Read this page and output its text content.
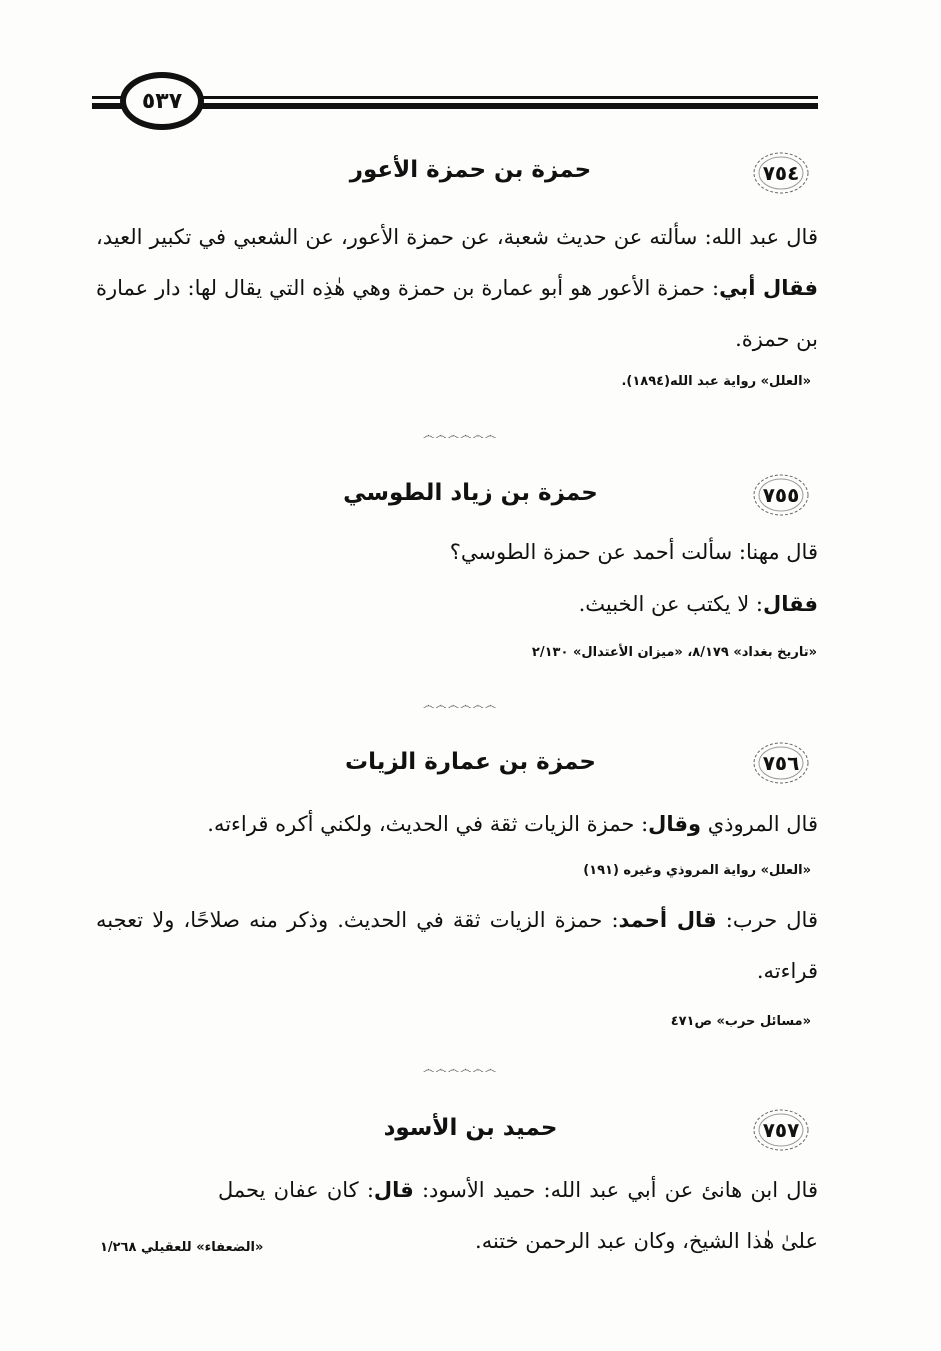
٥٣٧
٧٥٤
حمزة بن حمزة الأعور
قال عبد الله: سألته عن حديث شعبة، عن حمزة الأعور، عن الشعبي في تكبير العيد، فقال أبي: حمزة الأعور هو أبو عمارة بن حمزة وهي هٰذِه التي يقال لها: دار عمارة بن حمزة.
«العلل» رواية عبد الله(١٨٩٤).
෴෴෴෴෴෴
٧٥٥
حمزة بن زياد الطوسي
قال مهنا: سألت أحمد عن حمزة الطوسي؟
فقال: لا يكتب عن الخبيث.
«تاريخ بغداد» ٨/١٧٩، «ميزان الأعتدال» ٢/١٣٠
෴෴෴෴෴෴
٧٥٦
حمزة بن عمارة الزيات
قال المروذي وقال: حمزة الزيات ثقة في الحديث، ولكني أكره قراءته.
«العلل» رواية المروذي وغيره (١٩١)
قال حرب: قال أحمد: حمزة الزيات ثقة في الحديث. وذكر منه صلاحًا، ولا تعجبه قراءته.
«مسائل حرب» ص٤٧١
෴෴෴෴෴෴
٧٥٧
حميد بن الأسود
قال ابن هانئ عن أبي عبد الله: حميد الأسود: قال: كان عفان يحمل علىٰ هٰذا الشيخ، وكان عبد الرحمن ختنه.
«الضعفاء» للعقيلي ١/٢٦٨
